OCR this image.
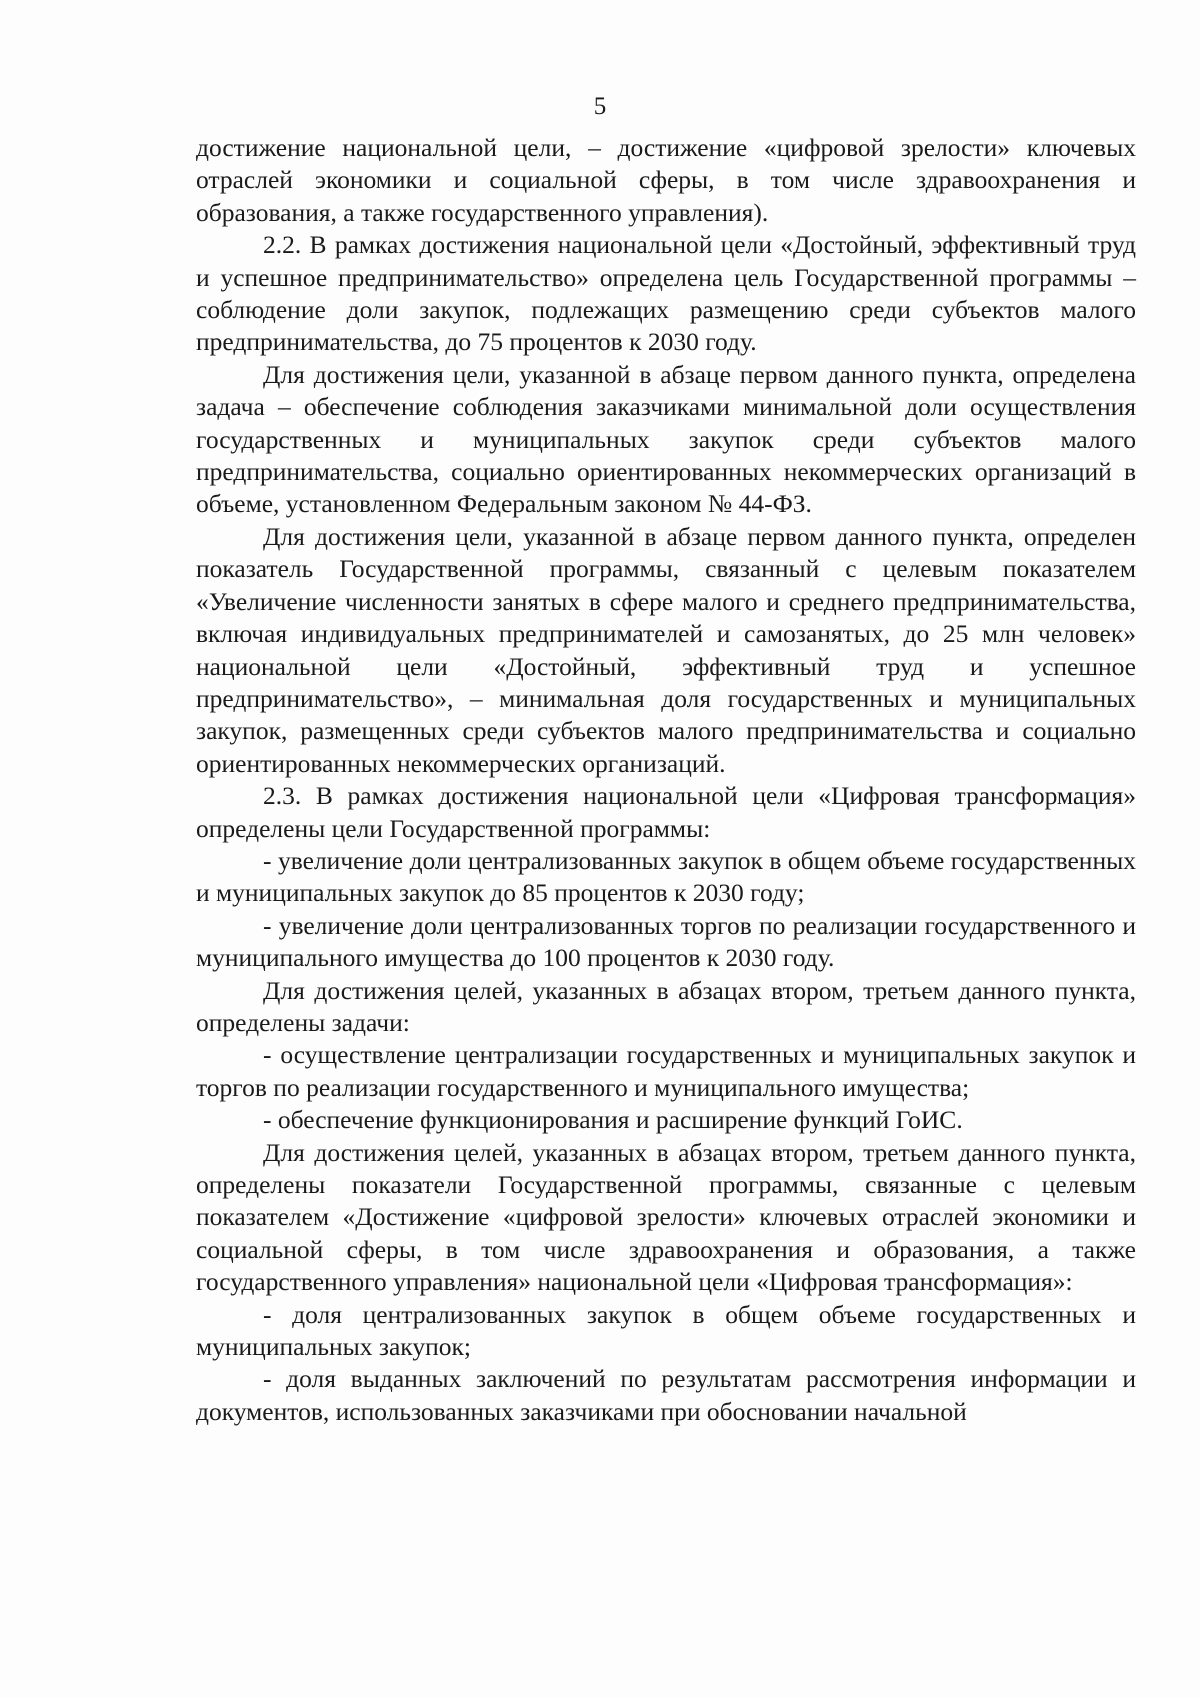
5

достижение национальной цели, – достижение «цифровой зрелости» ключевых отраслей экономики и социальной сферы, в том числе здравоохранения и образования, а также государственного управления).

2.2. В рамках достижения национальной цели «Достойный, эффективный труд и успешное предпринимательство» определена цель Государственной программы – соблюдение доли закупок, подлежащих размещению среди субъектов малого предпринимательства, до 75 процентов к 2030 году.

Для достижения цели, указанной в абзаце первом данного пункта, определена задача – обеспечение соблюдения заказчиками минимальной доли осуществления государственных и муниципальных закупок среди субъектов малого предпринимательства, социально ориентированных некоммерческих организаций в объеме, установленном Федеральным законом № 44-ФЗ.

Для достижения цели, указанной в абзаце первом данного пункта, определен показатель Государственной программы, связанный с целевым показателем «Увеличение численности занятых в сфере малого и среднего предпринимательства, включая индивидуальных предпринимателей и самозанятых, до 25 млн человек» национальной цели «Достойный, эффективный труд и успешное предпринимательство», – минимальная доля государственных и муниципальных закупок, размещенных среди субъектов малого предпринимательства и социально ориентированных некоммерческих организаций.

2.3. В рамках достижения национальной цели «Цифровая трансформация» определены цели Государственной программы:

- увеличение доли централизованных закупок в общем объеме государственных и муниципальных закупок до 85 процентов к 2030 году;

- увеличение доли централизованных торгов по реализации государственного и муниципального имущества до 100 процентов к 2030 году.

Для достижения целей, указанных в абзацах втором, третьем данного пункта, определены задачи:

- осуществление централизации государственных и муниципальных закупок и торгов по реализации государственного и муниципального имущества;

- обеспечение функционирования и расширение функций ГоИС.

Для достижения целей, указанных в абзацах втором, третьем данного пункта, определены показатели Государственной программы, связанные с целевым показателем «Достижение «цифровой зрелости» ключевых отраслей экономики и социальной сферы, в том числе здравоохранения и образования, а также государственного управления» национальной цели «Цифровая трансформация»:

- доля централизованных закупок в общем объеме государственных и муниципальных закупок;

- доля выданных заключений по результатам рассмотрения информации и документов, использованных заказчиками при обосновании начальной
